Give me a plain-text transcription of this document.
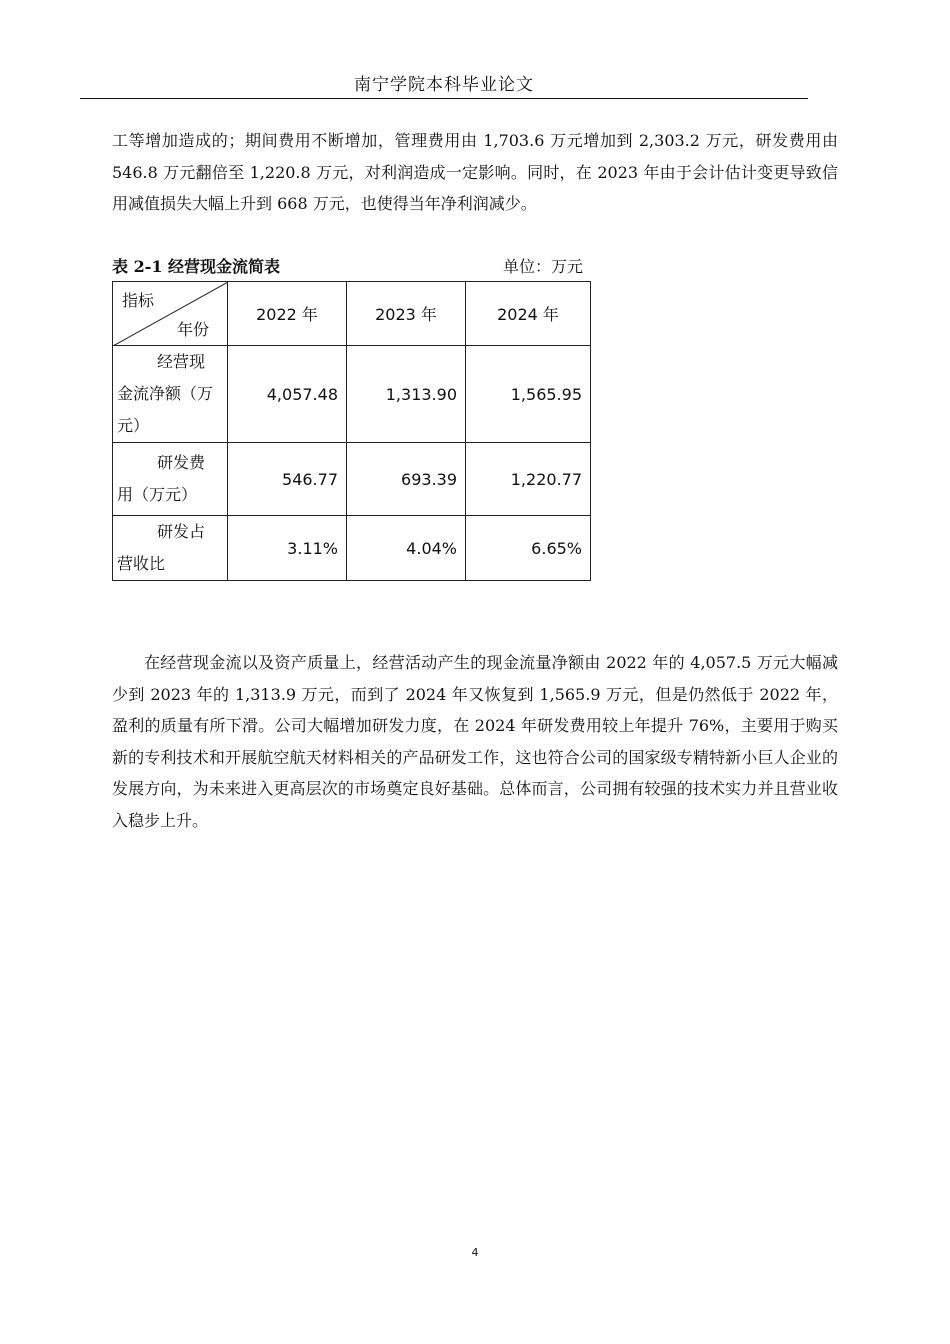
南宁学院本科毕业论文

工等增加造成的；期间费用不断增加，管理费用由 1,703.6 万元增加到 2,303.2 万元，研发费用由 546.8 万元翻倍至 1,220.8 万元，对利润造成一定影响。同时，在 2023 年由于会计估计变更导致信用减值损失大幅上升到 668 万元，也使得当年净利润减少。

表 2-1 经营现金流简表	单位：万元
指标
年份	2022 年	2023 年	2024 年

经营现
金流净额（万
元）	4,057.48	1,313.90	1,565.95

研发费
用（万元）	546.77	693.39	1,220.77

研发占
营收比	3.11%	4.04%	6.65%

在经营现金流以及资产质量上，经营活动产生的现金流量净额由 2022 年的 4,057.5 万元大幅减少到 2023 年的 1,313.9 万元，而到了 2024 年又恢复到 1,565.9 万元，但是仍然低于 2022 年，盈利的质量有所下滑。公司大幅增加研发力度，在 2024 年研发费用较上年提升 76%，主要用于购买新的专利技术和开展航空航天材料相关的产品研发工作，这也符合公司的国家级专精特新小巨人企业的发展方向，为未来进入更高层次的市场奠定良好基础。总体而言，公司拥有较强的技术实力并且营业收入稳步上升。

4
